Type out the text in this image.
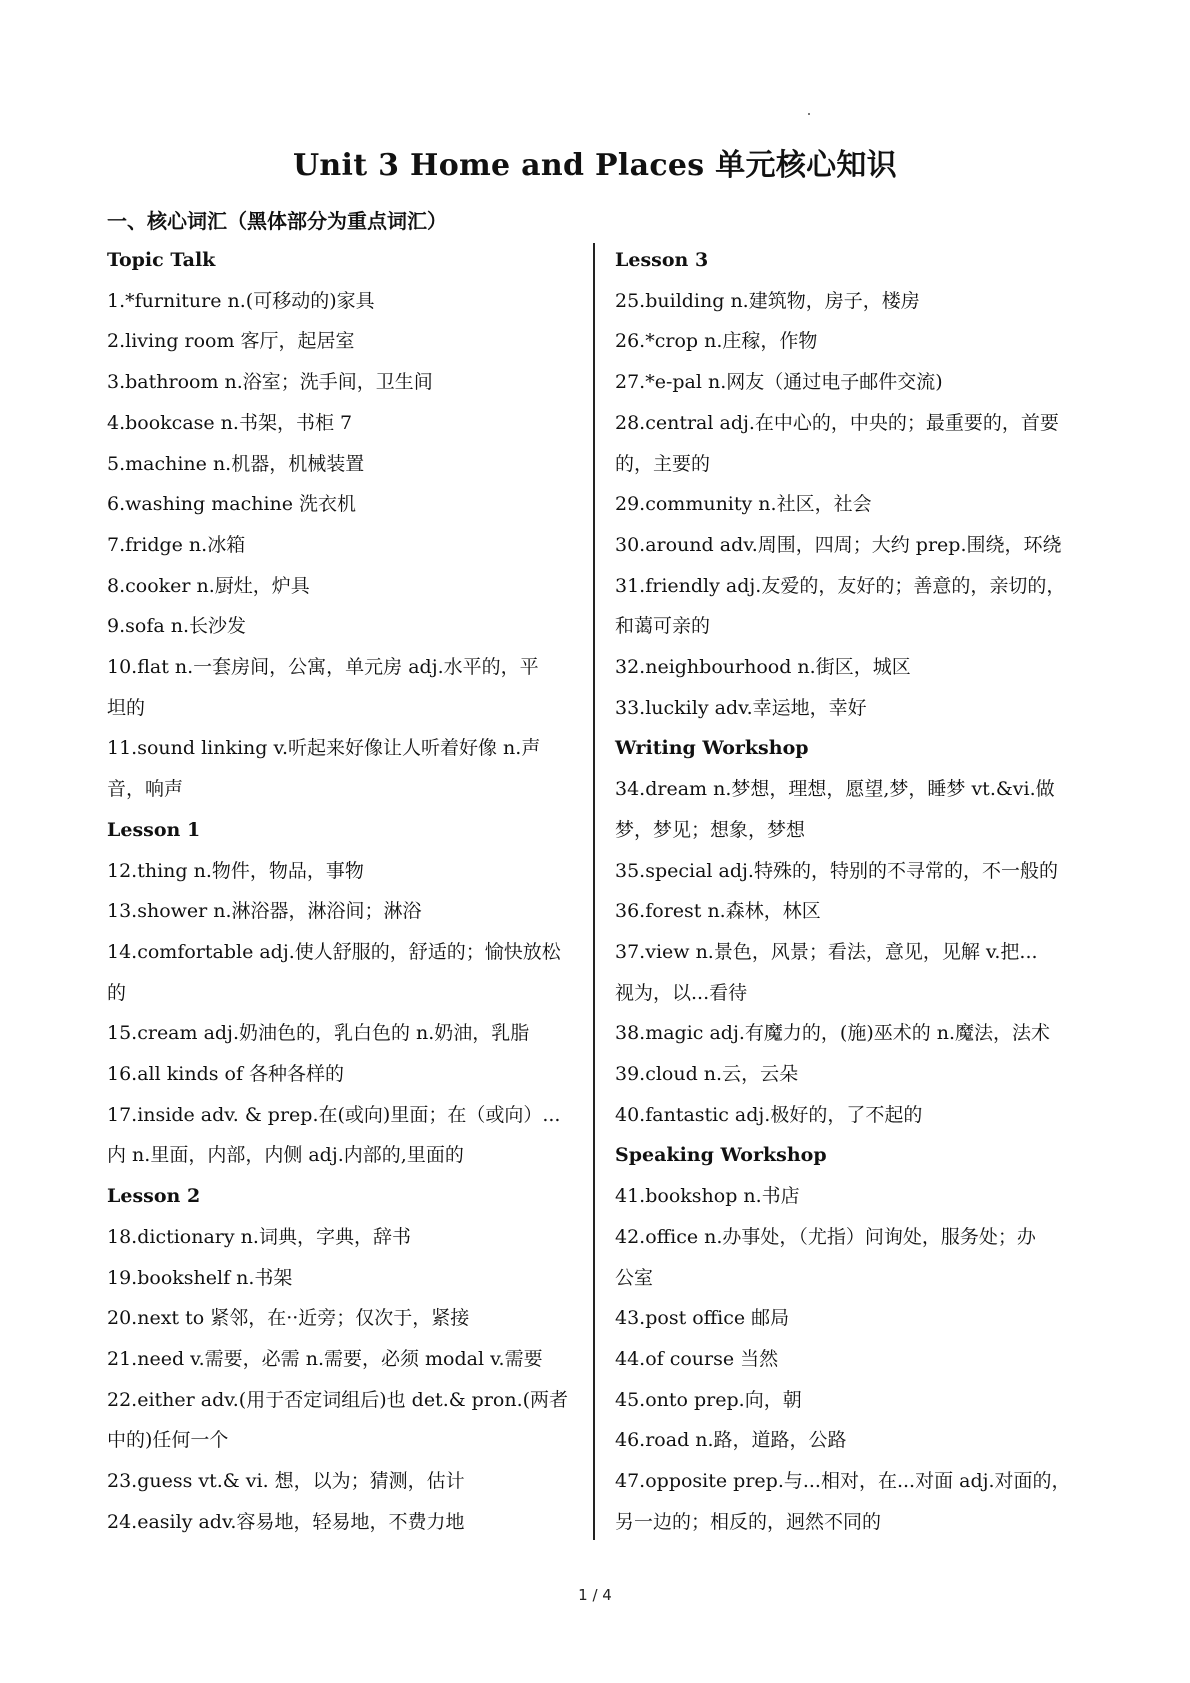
Unit 3 Home and Places 单元核心知识
一、核心词汇（黑体部分为重点词汇）
Topic Talk
1.*furniture n.(可移动的)家具
2.living room 客厅，起居室
3.bathroom n.浴室；洗手间，卫生间
4.bookcase n.书架，书柜 7
5.machine n.机器，机械装置
6.washing machine 洗衣机
7.fridge n.冰箱
8.cooker n.厨灶，炉具
9.sofa n.长沙发
10.flat n.一套房间，公寓，单元房 adj.水平的，平
坦的
11.sound linking v.听起来好像让人听着好像 n.声
音，响声
Lesson 1
12.thing n.物件，物品，事物
13.shower n.淋浴器，淋浴间；淋浴
14.comfortable adj.使人舒服的，舒适的；愉快放松
的
15.cream adj.奶油色的，乳白色的 n.奶油，乳脂
16.all kinds of 各种各样的
17.inside adv. & prep.在(或向)里面；在（或向）...
内 n.里面，内部，内侧 adj.内部的,里面的
Lesson 2
18.dictionary n.词典，字典，辞书
19.bookshelf n.书架
20.next to 紧邻，在··近旁；仅次于，紧接
21.need v.需要，必需 n.需要，必须 modal v.需要
22.either adv.(用于否定词组后)也 det.& pron.(两者
中的)任何一个
23.guess vt.& vi. 想，以为；猜测，估计
24.easily adv.容易地，轻易地，不费力地
Lesson 3
25.building n.建筑物，房子，楼房
26.*crop n.庄稼，作物
27.*e-pal n.网友（通过电子邮件交流)
28.central adj.在中心的，中央的；最重要的，首要
的，主要的
29.community n.社区，社会
30.around adv.周围，四周；大约 prep.围绕，环绕
31.friendly adj.友爱的，友好的；善意的，亲切的，
和蔼可亲的
32.neighbourhood n.街区，城区
33.luckily adv.幸运地，幸好
Writing Workshop
34.dream n.梦想，理想，愿望,梦，睡梦 vt.&vi.做
梦，梦见；想象，梦想
35.special adj.特殊的，特别的不寻常的，不一般的
36.forest n.森林，林区
37.view n.景色，风景；看法，意见，见解 v.把...
视为，以...看待
38.magic adj.有魔力的，(施)巫术的 n.魔法，法术
39.cloud n.云，云朵
40.fantastic adj.极好的，了不起的
Speaking Workshop
41.bookshop n.书店
42.office n.办事处，（尤指）问询处，服务处；办
公室
43.post office 邮局
44.of course 当然
45.onto prep.向，朝
46.road n.路，道路，公路
47.opposite prep.与...相对，在...对面 adj.对面的，
另一边的；相反的，迥然不同的
1 / 4
